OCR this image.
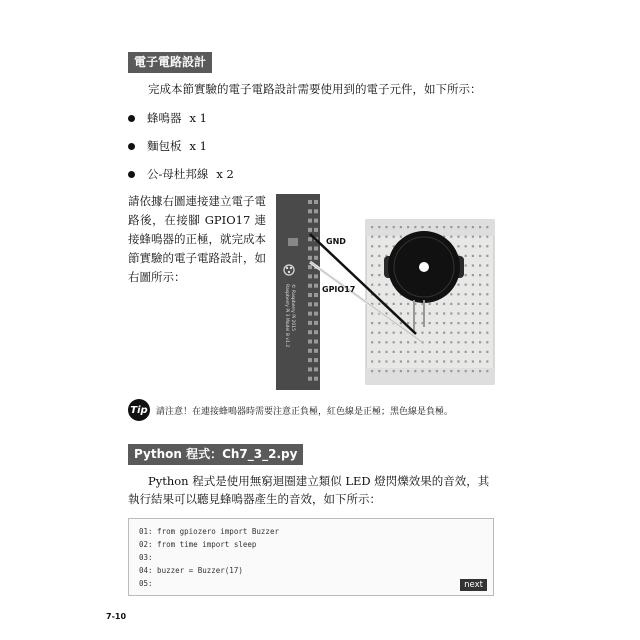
電子電路設計

完成本節實驗的電子電路設計需要使用到的電子元件，如下所示：

蜂鳴器 x 1
麵包板 x 1
公-母杜邦線 x 2
請依據右圖連接建立電子電路後，在接腳 GPIO17 連接蜂鳴器的正極，就完成本節實驗的電子電路設計，如右圖所示：
Raspberry Pi 3 Model B v1.2 © Raspberry Pi 2015
GND
GPIO17
Tip 請注意！在連接蜂鳴器時需要注意正負極，紅色線是正極；黑色線是負極。
Python 程式：Ch7_3_2.py

Python 程式是使用無窮迴圈建立類似 LED 燈閃爍效果的音效，其執行結果可以聽見蜂鳴器產生的音效，如下所示：

01: from gpiozero import Buzzer
02: from time import sleep
03:
04: buzzer = Buzzer(17)
05:	next
7-10
